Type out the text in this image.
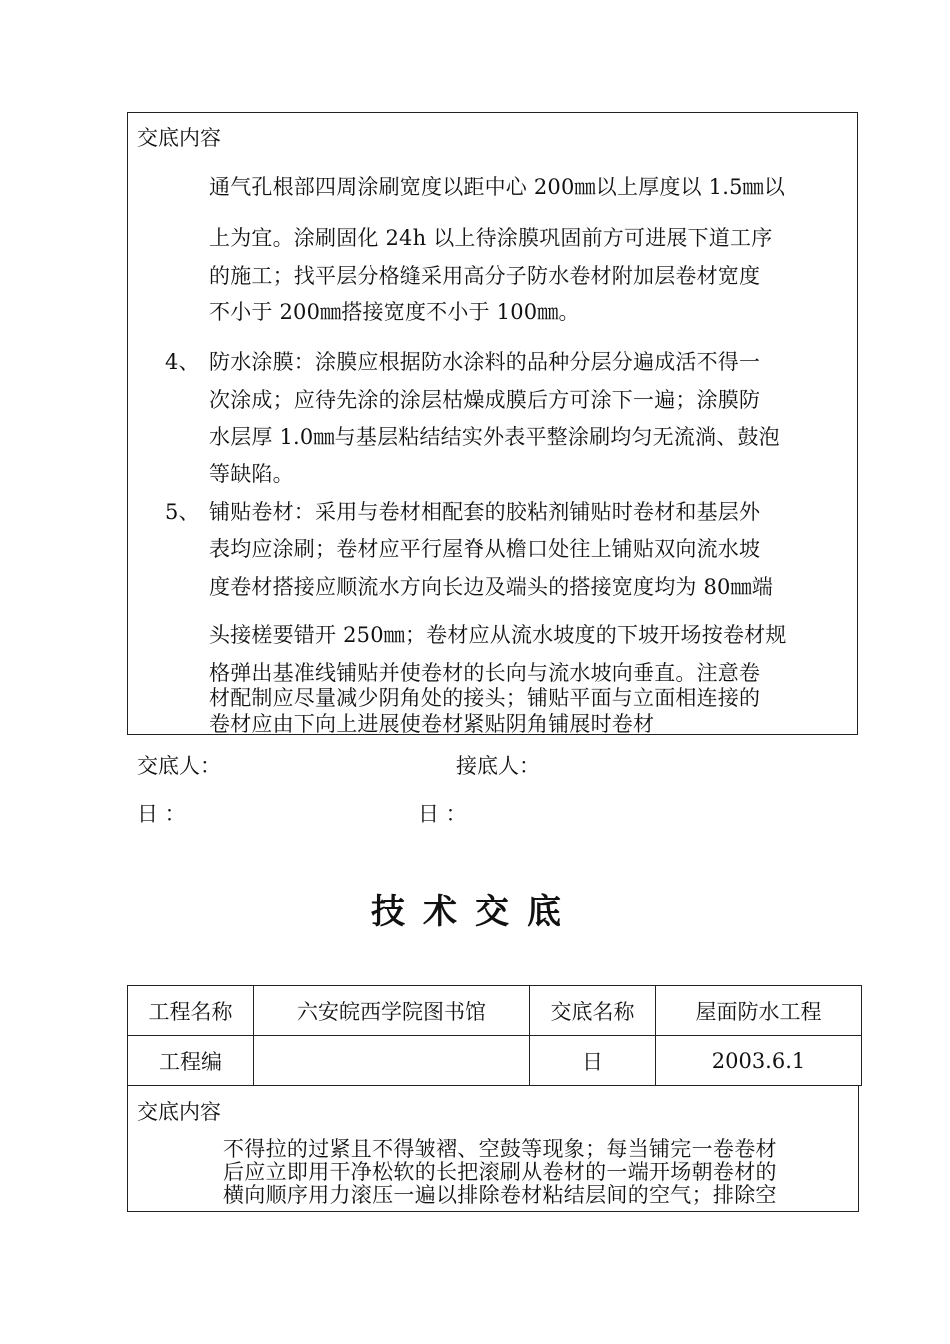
交底内容
通气孔根部四周涂刷宽度以距中心 200㎜以上厚度以 1.5㎜以
上为宜。涂刷固化 24h 以上待涂膜巩固前方可进展下道工序
的施工；找平层分格缝采用高分子防水卷材附加层卷材宽度
不小于 200㎜搭接宽度不小于 100㎜。
4、 防水涂膜：涂膜应根据防水涂料的品种分层分遍成活不得一
次涂成；应待先涂的涂层枯燥成膜后方可涂下一遍；涂膜防
水层厚 1.0㎜与基层粘结结实外表平整涂刷均匀无流淌、鼓泡
等缺陷。
5、 铺贴卷材：采用与卷材相配套的胶粘剂铺贴时卷材和基层外
表均应涂刷；卷材应平行屋脊从檐口处往上铺贴双向流水坡
度卷材搭接应顺流水方向长边及端头的搭接宽度均为 80㎜端
头接槎要错开 250㎜；卷材应从流水坡度的下坡开场按卷材规
格弹出基准线铺贴并使卷材的长向与流水坡向垂直。注意卷
材配制应尽量减少阴角处的接头；铺贴平面与立面相连接的
卷材应由下向上进展使卷材紧贴阴角铺展时卷材
交底人：	接底人：
日 ：	日 ：
技术交底
工程名称	六安皖西学院图书馆	交底名称	屋面防水工程
工程编		日	2003.6.1
交底内容
不得拉的过紧且不得皱褶、空鼓等现象；每当铺完一卷卷材
后应立即用干净松软的长把滚刷从卷材的一端开场朝卷材的
横向顺序用力滚压一遍以排除卷材粘结层间的空气；排除空
